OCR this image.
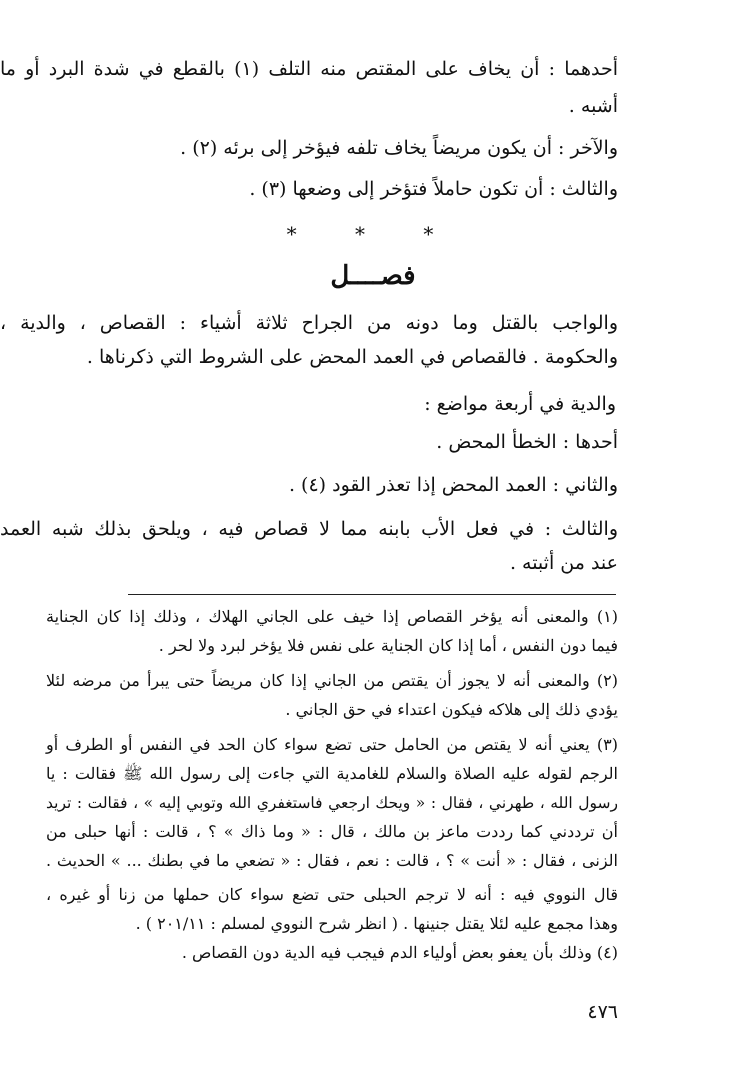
أحدهما : أن يخاف على المقتص منه التلف (١) بالقطع في شدة البرد أو ما
أشبه .
والآخر : أن يكون مريضاً يخاف تلفه فيؤخر إلى برئه (٢) .
والثالث : أن تكون حاملاً فتؤخر إلى وضعها (٣) .
* * *
فصــــل
والواجب بالقتل وما دونه من الجراح ثلاثة أشياء : القصاص ، والدية ،
والحكومة . فالقصاص في العمد المحض على الشروط التي ذكرناها .
والدية في أربعة مواضع :
أحدها : الخطأ المحض .
والثاني : العمد المحض إذا تعذر القود (٤) .
والثالث : في فعل الأب بابنه مما لا قصاص فيه ، ويلحق بذلك شبه العمد
عند من أثبته .
(١) والمعنى أنه يؤخر القصاص إذا خيف على الجاني الهلاك ، وذلك إذا كان الجناية
فيما دون النفس ، أما إذا كان الجناية على نفس فلا يؤخر لبرد ولا لحر .
(٢) والمعنى أنه لا يجوز أن يقتص من الجاني إذا كان مريضاً حتى يبرأ من مرضه لئلا
يؤدي ذلك إلى هلاكه فيكون اعتداء في حق الجاني .
(٣) يعني أنه لا يقتص من الحامل حتى تضع سواء كان الحد في النفس أو الطرف أو
الرجم لقوله عليه الصلاة والسلام للغامدية التي جاءت إلى رسول الله ﷺ فقالت : يا
رسول الله ، طهرني ، فقال : « ويحك ارجعي فاستغفري الله وتوبي إليه » ، فقالت : تريد
أن ترددني كما رددت ماعز بن مالك ، قال : « وما ذاك » ؟ ، قالت : أنها حبلى من
الزنى ، فقال : « أنت » ؟ ، قالت : نعم ، فقال : « تضعي ما في بطنك ... » الحديث .
قال النووي فيه : أنه لا ترجم الحبلى حتى تضع سواء كان حملها من زنا أو غيره ،
وهذا مجمع عليه لئلا يقتل جنينها . ( انظر شرح النووي لمسلم : ٢٠١/١١ ) .
(٤) وذلك بأن يعفو بعض أولياء الدم فيجب فيه الدية دون القصاص .
٤٧٦
